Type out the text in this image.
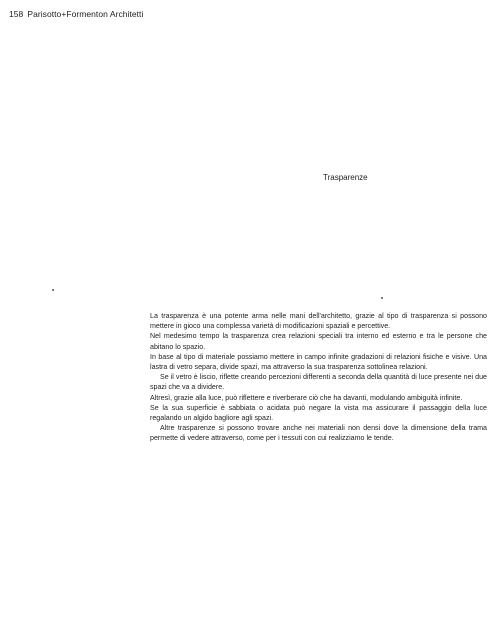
158 Parisotto+Formenton Architetti
Trasparenze

La trasparenza è una potente arma nelle mani dell'architetto, grazie al tipo di trasparenza si possono mettere in gioco una complessa varietà di modificazioni spaziali e percettive.

Nel medesimo tempo la trasparenza crea relazioni speciali tra interno ed esterno e tra le persone che abitano lo spazio.

In base al tipo di materiale possiamo mettere in campo infinite gradazioni di relazioni fisiche e visive. Una lastra di vetro separa, divide spazi, ma attraverso la sua trasparenza sottolinea relazioni.

Se il vetro è liscio, riflette creando percezioni differenti a seconda della quantità di luce presente nei due spazi che va a dividere.

Altresì, grazie alla luce, può riflettere e riverberare ciò che ha davanti, modulando ambiguità infinite.

Se la sua superficie è sabbiata o acidata può negare la vista ma assicurare il passaggio della luce regalando un algido bagliore agli spazi.

Altre trasparenze si possono trovare anche nei materiali non densi dove la dimensione della trama permette di vedere attraverso, come per i tessuti con cui realizziamo le tende.
